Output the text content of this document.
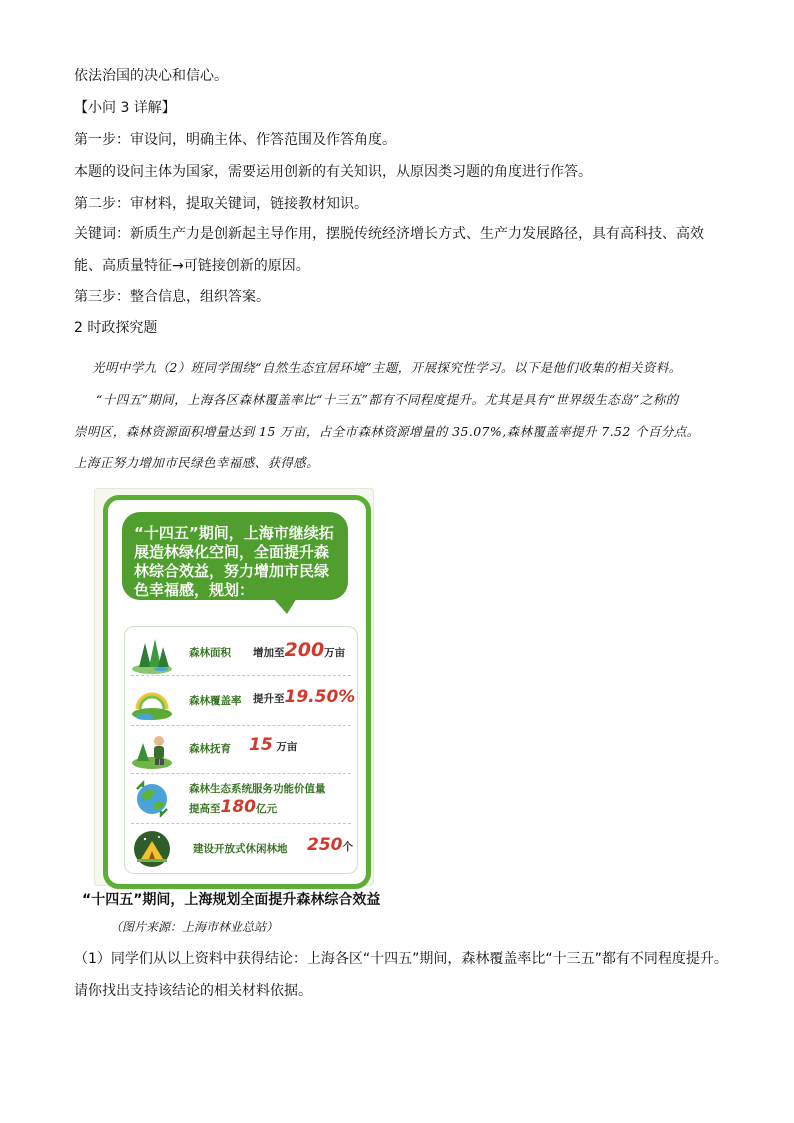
依法治国的决心和信心。
【小问 3 详解】
第一步：审设问，明确主体、作答范围及作答角度。
本题的设问主体为国家，需要运用创新的有关知识，从原因类习题的角度进行作答。
第二步：审材料，提取关键词，链接教材知识。
关键词：新质生产力是创新起主导作用，摆脱传统经济增长方式、生产力发展路径，具有高科技、高效
能、高质量特征→可链接创新的原因。
第三步：整合信息，组织答案。
2 时政探究题
光明中学九（2）班同学围绕“自然生态宜居环境”主题，开展探究性学习。以下是他们收集的相关资料。
“十四五”期间，上海各区森林覆盖率比“十三五”都有不同程度提升。尤其是具有“世界级生态岛”之称的
崇明区，森林资源面积增量达到 15 万亩，占全市森林资源增量的 35.07%,森林覆盖率提升 7.52 个百分点。
上海正努力增加市民绿色幸福感、获得感。
“十四五”期间，上海市继续拓展造林绿化空间，全面提升森林综合效益，努力增加市民绿色幸福感，规划：
森林面积 增加至200万亩
森林覆盖率 提升至19.50%
森林抚育 15 万亩
森林生态系统服务功能价值量
提高至180亿元
建设开放式休闲林地 250个
“十四五”期间，上海规划全面提升森林综合效益
（图片来源：上海市林业总站）
（1）同学们从以上资料中获得结论：上海各区“十四五”期间，森林覆盖率比“十三五”都有不同程度提升。
请你找出支持该结论的相关材料依据。
